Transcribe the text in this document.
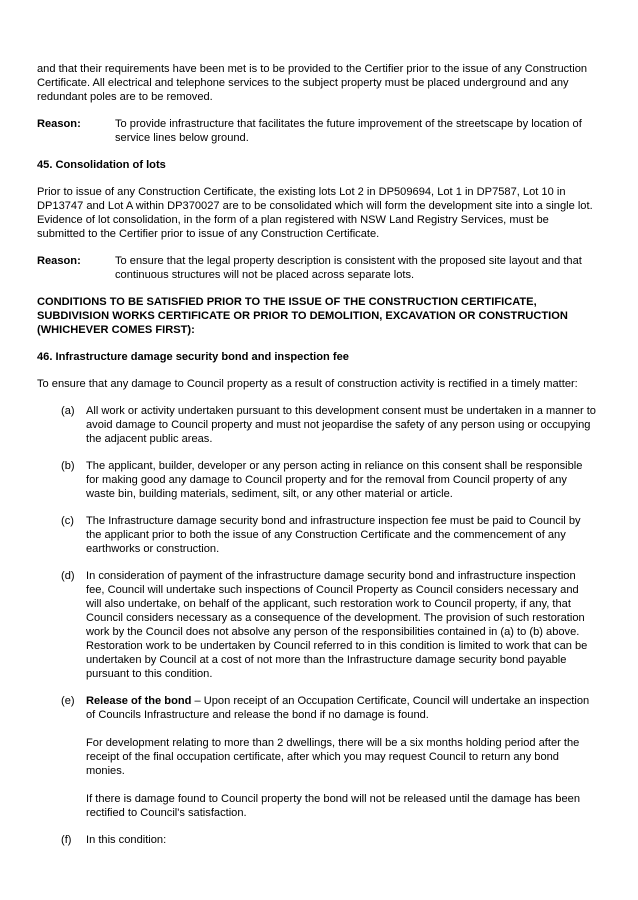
and that their requirements have been met is to be provided to the Certifier prior to the issue of any Construction Certificate. All electrical and telephone services to the subject property must be placed underground and any redundant poles are to be removed.

Reason:	To provide infrastructure that facilitates the future improvement of the streetscape by location of service lines below ground.

45. Consolidation of lots

Prior to issue of any Construction Certificate, the existing lots Lot 2 in DP509694, Lot 1 in DP7587, Lot 10 in DP13747 and Lot A within DP370027 are to be consolidated which will form the development site into a single lot. Evidence of lot consolidation, in the form of a plan registered with NSW Land Registry Services, must be submitted to the Certifier prior to issue of any Construction Certificate.

Reason:	To ensure that the legal property description is consistent with the proposed site layout and that continuous structures will not be placed across separate lots.

CONDITIONS TO BE SATISFIED PRIOR TO THE ISSUE OF THE CONSTRUCTION CERTIFICATE, SUBDIVISION WORKS CERTIFICATE OR PRIOR TO DEMOLITION, EXCAVATION OR CONSTRUCTION (WHICHEVER COMES FIRST):

46. Infrastructure damage security bond and inspection fee

To ensure that any damage to Council property as a result of construction activity is rectified in a timely matter:

(a)	All work or activity undertaken pursuant to this development consent must be undertaken in a manner to avoid damage to Council property and must not jeopardise the safety of any person using or occupying the adjacent public areas.

(b)	The applicant, builder, developer or any person acting in reliance on this consent shall be responsible for making good any damage to Council property and for the removal from Council property of any waste bin, building materials, sediment, silt, or any other material or article.

(c)	The Infrastructure damage security bond and infrastructure inspection fee must be paid to Council by the applicant prior to both the issue of any Construction Certificate and the commencement of any earthworks or construction.

(d)	In consideration of payment of the infrastructure damage security bond and infrastructure inspection fee, Council will undertake such inspections of Council Property as Council considers necessary and will also undertake, on behalf of the applicant, such restoration work to Council property, if any, that Council considers necessary as a consequence of the development. The provision of such restoration work by the Council does not absolve any person of the responsibilities contained in (a) to (b) above. Restoration work to be undertaken by Council referred to in this condition is limited to work that can be undertaken by Council at a cost of not more than the Infrastructure damage security bond payable pursuant to this condition.

(e)	Release of the bond – Upon receipt of an Occupation Certificate, Council will undertake an inspection of Councils Infrastructure and release the bond if no damage is found.

For development relating to more than 2 dwellings, there will be a six months holding period after the receipt of the final occupation certificate, after which you may request Council to return any bond monies.

If there is damage found to Council property the bond will not be released until the damage has been rectified to Council's satisfaction.

(f)	In this condition:
